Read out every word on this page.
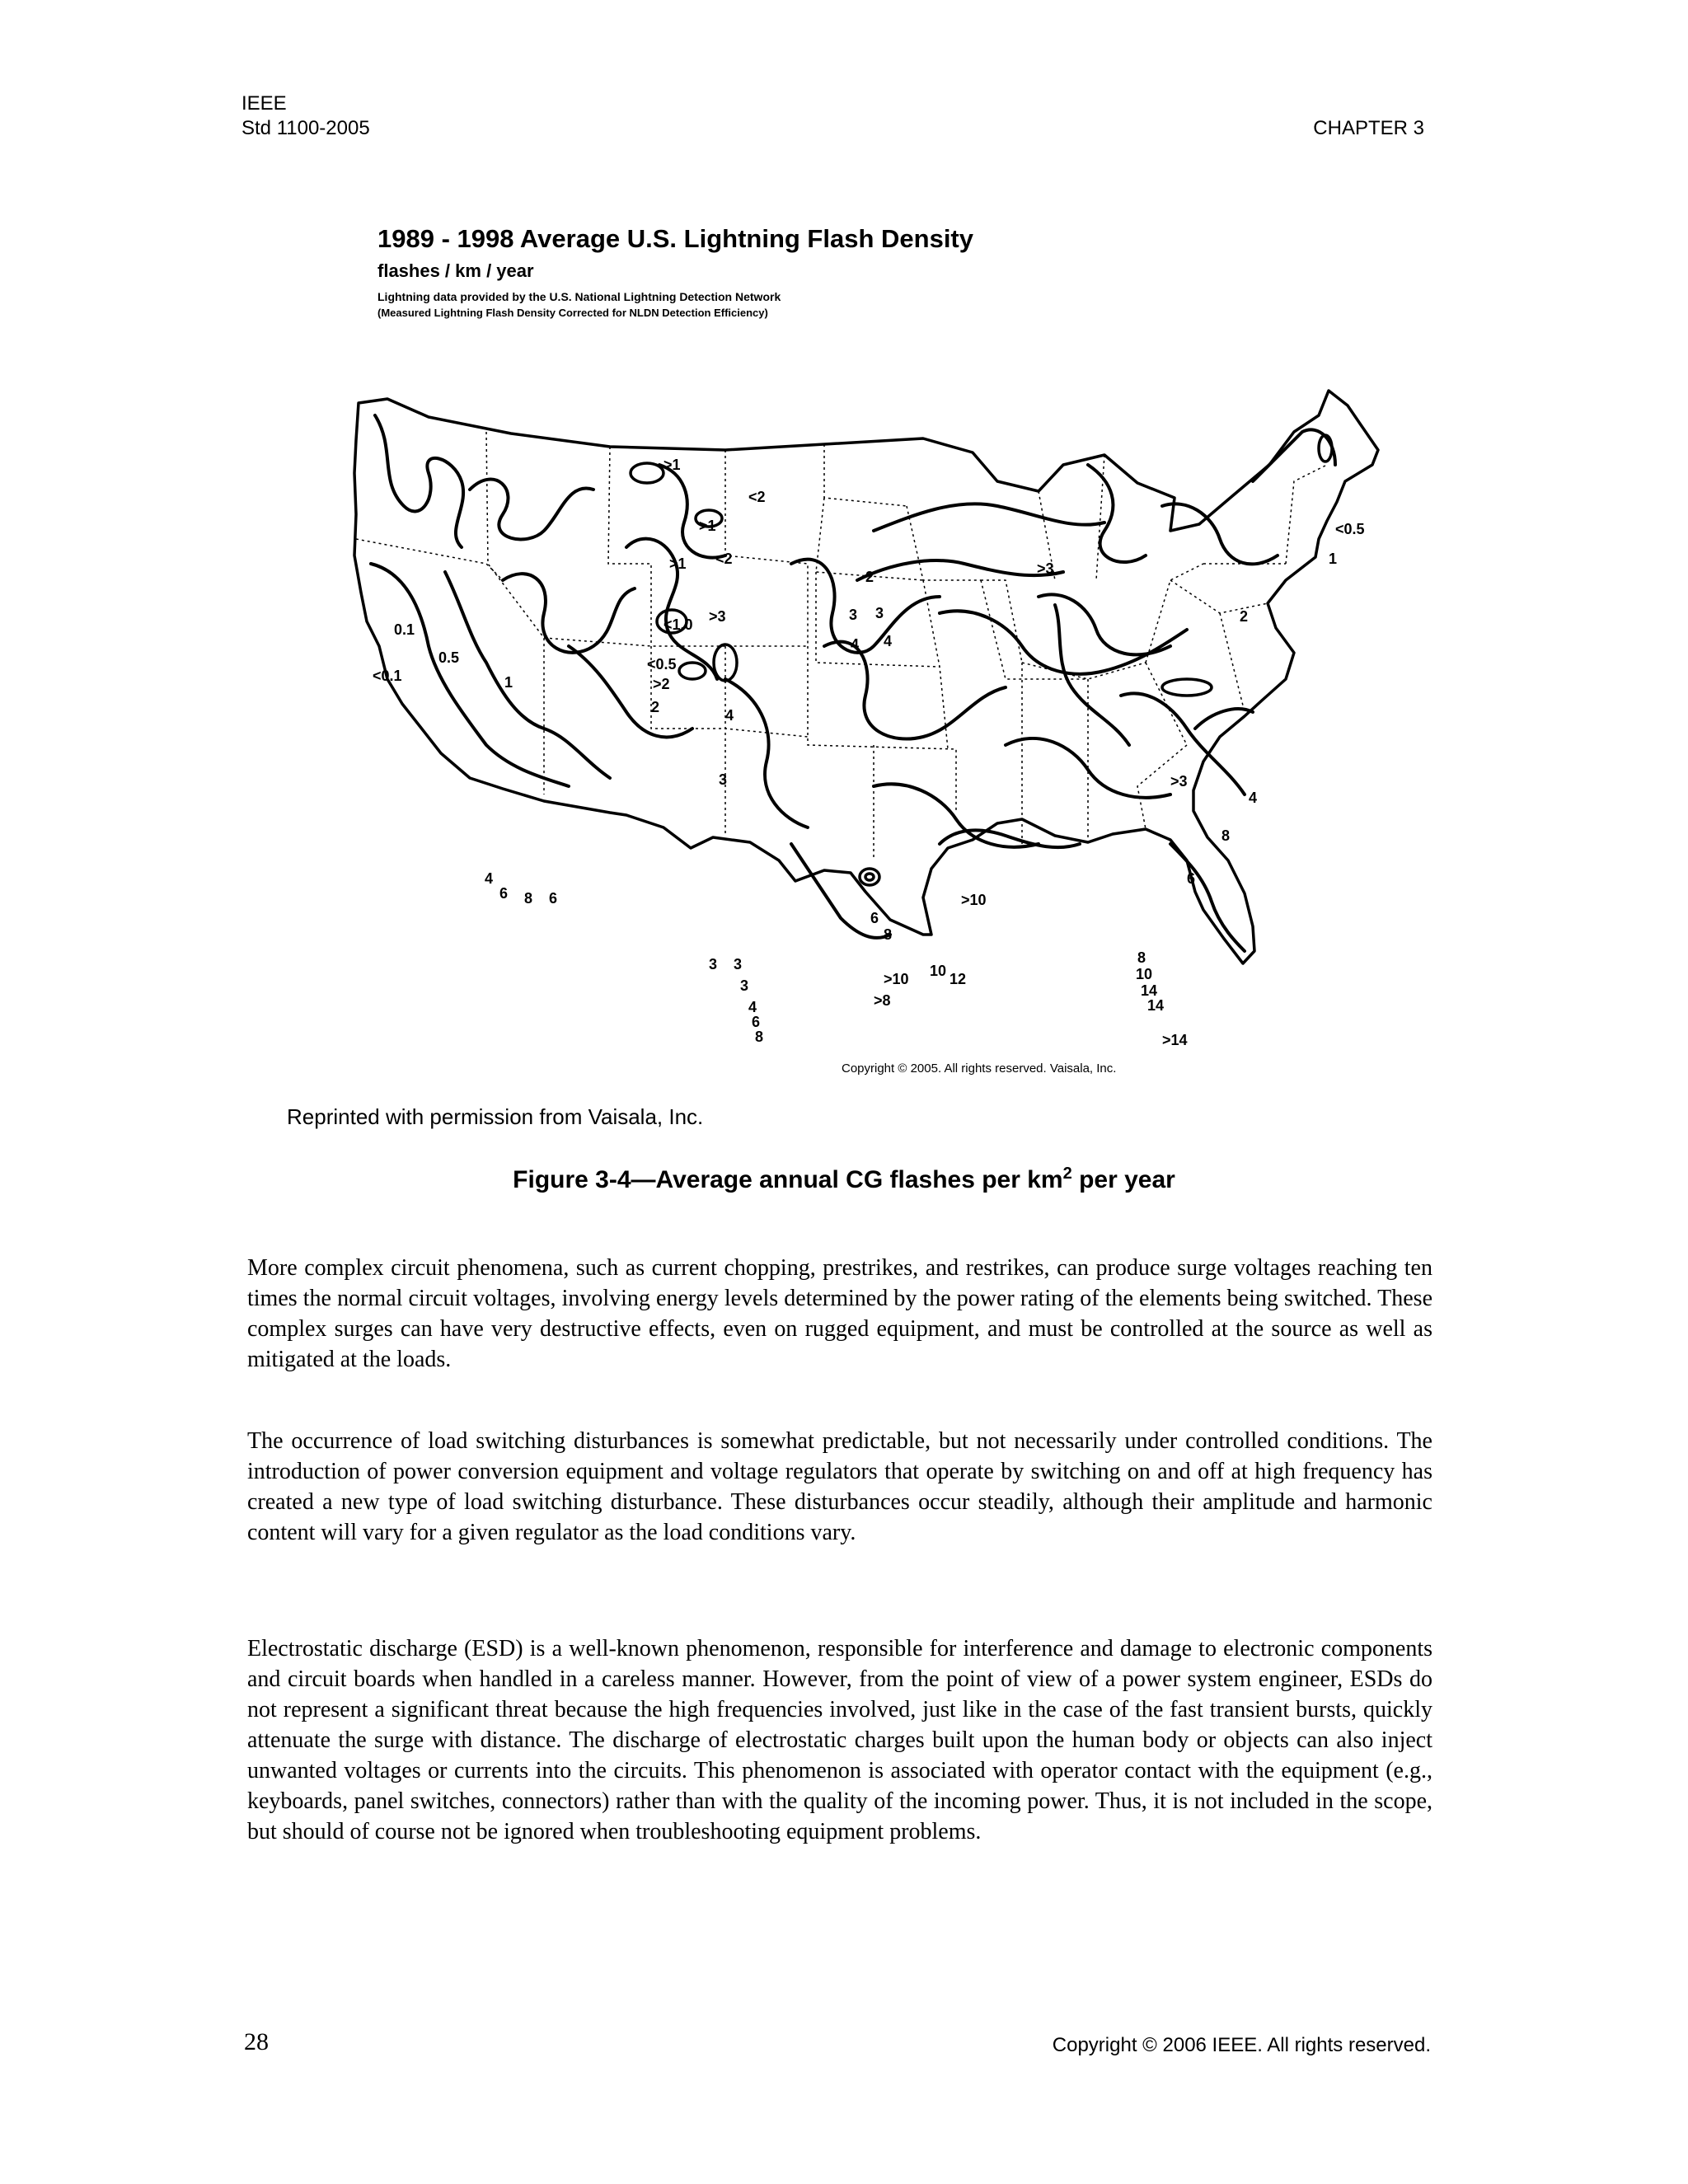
IEEE
Std 1100-2005	CHAPTER 3
>1
<2
>1
<2
>1
<1.0 >3
<0.5
>2
2
3
4
<0.1
0.1
0.5
1
4
6 8 6
>3
<0.5
1
2
3
4
>3
4
8
6
>10
6
8
3 3
3
4
6
8
>10
>8
10 12
8
10
14
14
>14
2
3
4
1989 - 1998 Average U.S. Lightning Flash Density
flashes / km / year
Lightning data provided by the U.S. National Lightning Detection Network
(Measured Lightning Flash Density Corrected for NLDN Detection Efficiency)
Copyright © 2005. All rights reserved. Vaisala, Inc.
Reprinted with permission from Vaisala, Inc.
Figure 3-4—Average annual CG flashes per $km^2$ per year

More complex circuit phenomena, such as current chopping, prestrikes, and restrikes, can produce surge voltages reaching ten times the normal circuit voltages, involving energy levels determined by the power rating of the elements being switched. These complex surges can have very destructive effects, even on rugged equipment, and must be controlled at the source as well as mitigated at the loads.

The occurrence of load switching disturbances is somewhat predictable, but not necessarily under controlled conditions. The introduction of power conversion equipment and voltage regulators that operate by switching on and off at high frequency has created a new type of load switching disturbance. These disturbances occur steadily, although their amplitude and harmonic content will vary for a given regulator as the load conditions vary.

Electrostatic discharge (ESD) is a well-known phenomenon, responsible for interference and damage to electronic components and circuit boards when handled in a careless manner. However, from the point of view of a power system engineer, ESDs do not represent a significant threat because the high frequencies involved, just like in the case of the fast transient bursts, quickly attenuate the surge with distance. The discharge of electrostatic charges built upon the human body or objects can also inject unwanted voltages or currents into the circuits. This phenomenon is associated with operator contact with the equipment (e.g., keyboards, panel switches, connectors) rather than with the quality of the incoming power. Thus, it is not included in the scope, but should of course not be ignored when troubleshooting equipment problems.

28	Copyright © 2006 IEEE. All rights reserved.
